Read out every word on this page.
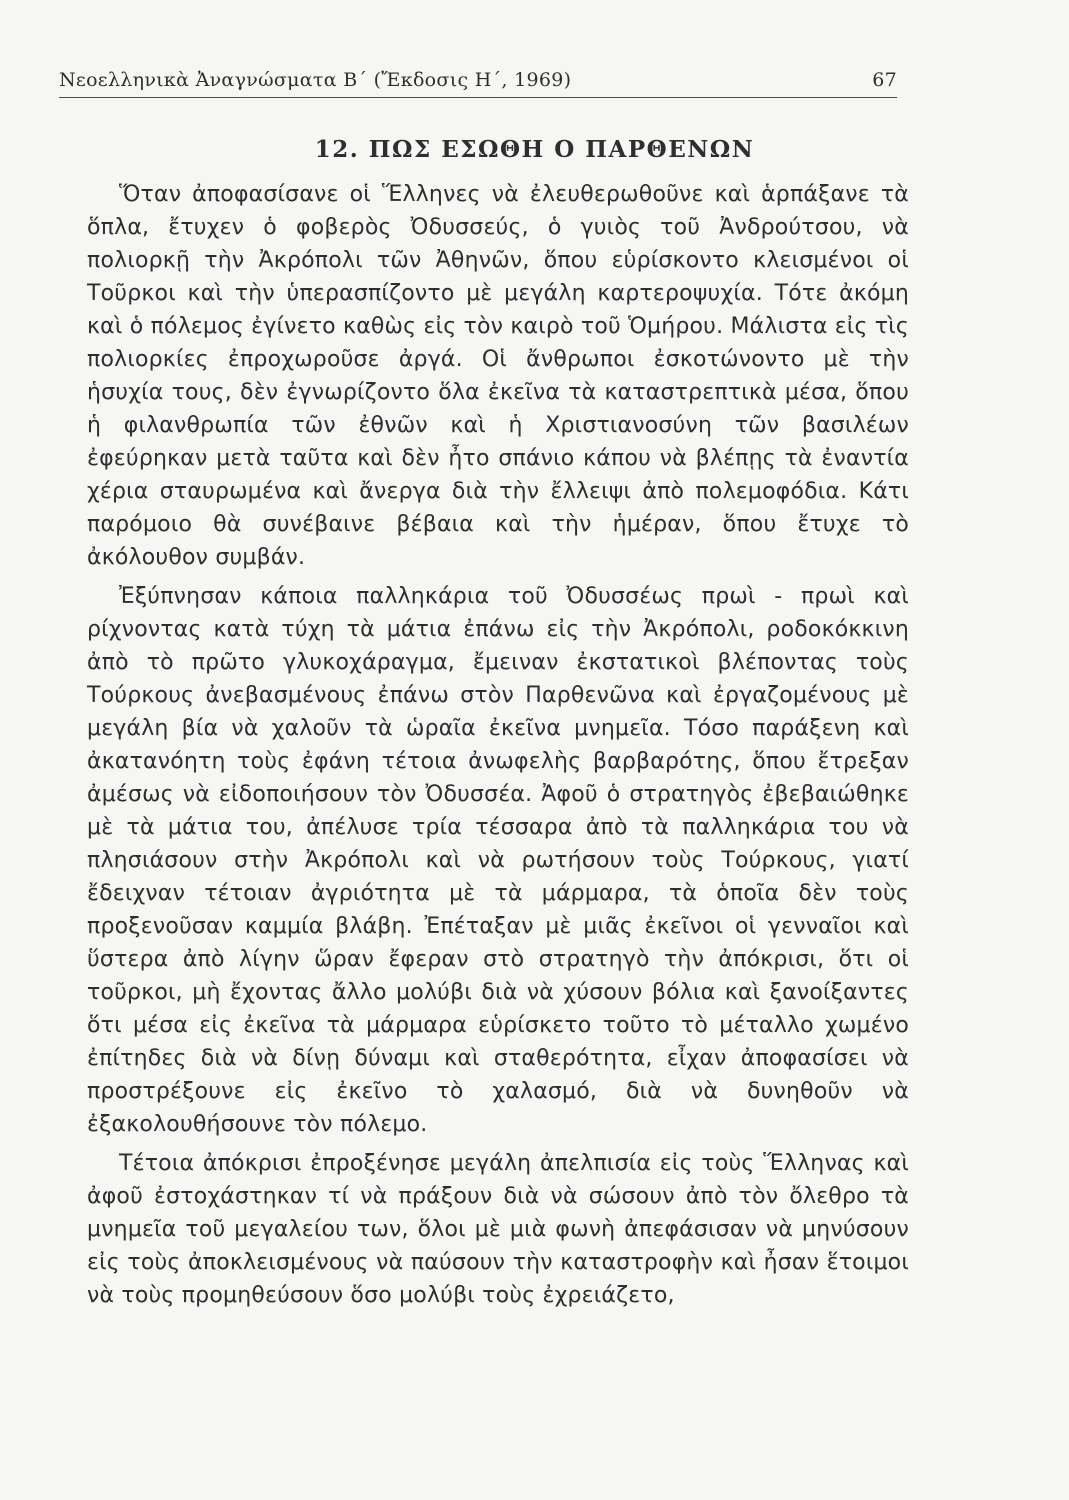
Νεοελληνικὰ Ἀναγνώσματα Β΄ (Ἔκδοσις Η΄, 1969)	67
12. ΠΩΣ ΕΣΩΘΗ Ο ΠΑΡΘΕΝΩΝ

Ὅταν ἀποφασίσανε οἱ Ἕλληνες νὰ ἐλευθερωθοῦνε καὶ ἁρπάξανε τὰ ὅπλα, ἔτυχεν ὁ φοβερὸς Ὀδυσσεύς, ὁ γυιὸς τοῦ Ἀνδρούτσου, νὰ πολιορκῇ τὴν Ἀκρόπολι τῶν Ἀθηνῶν, ὅπου εὑρίσκοντο κλεισμένοι οἱ Τοῦρκοι καὶ τὴν ὑπερασπίζοντο μὲ μεγάλη καρτεροψυχία. Τότε ἀκόμη καὶ ὁ πόλεμος ἐγίνετο καθὼς εἰς τὸν καιρὸ τοῦ Ὁμήρου. Μάλιστα εἰς τὶς πολιορκίες ἐπροχωροῦσε ἀργά. Οἱ ἄνθρωποι ἐσκοτώνοντο μὲ τὴν ἡσυχία τους, δὲν ἐγνωρίζοντο ὅλα ἐκεῖνα τὰ καταστρεπτικὰ μέσα, ὅπου ἡ φιλανθρωπία τῶν ἐθνῶν καὶ ἡ Χριστιανοσύνη τῶν βασιλέων ἐφεύρηκαν μετὰ ταῦτα καὶ δὲν ἦτο σπάνιο κάπου νὰ βλέπῃς τὰ ἐναντία χέρια σταυρωμένα καὶ ἄνεργα διὰ τὴν ἔλλειψι ἀπὸ πολεμοφόδια. Κάτι παρόμοιο θὰ συνέβαινε βέβαια καὶ τὴν ἡμέραν, ὅπου ἔτυχε τὸ ἀκόλουθον συμβάν.

Ἐξύπνησαν κάποια παλληκάρια τοῦ Ὀδυσσέως πρωὶ - πρωὶ καὶ ρίχνοντας κατὰ τύχη τὰ μάτια ἐπάνω εἰς τὴν Ἀκρόπολι, ροδοκόκκινη ἀπὸ τὸ πρῶτο γλυκοχάραγμα, ἔμειναν ἐκστατικοὶ βλέποντας τοὺς Τούρκους ἀνεβασμένους ἐπάνω στὸν Παρθενῶνα καὶ ἐργαζομένους μὲ μεγάλη βία νὰ χαλοῦν τὰ ὡραῖα ἐκεῖνα μνημεῖα. Τόσο παράξενη καὶ ἀκατανόητη τοὺς ἐφάνη τέτοια ἀνωφελὴς βαρβαρότης, ὅπου ἔτρεξαν ἀμέσως νὰ εἰδοποιήσουν τὸν Ὀδυσσέα. Ἀφοῦ ὁ στρατηγὸς ἐβεβαιώθηκε μὲ τὰ μάτια του, ἀπέλυσε τρία τέσσαρα ἀπὸ τὰ παλληκάρια του νὰ πλησιάσουν στὴν Ἀκρόπολι καὶ νὰ ρωτήσουν τοὺς Τούρκους, γιατί ἔδειχναν τέτοιαν ἀγριότητα μὲ τὰ μάρμαρα, τὰ ὁποῖα δὲν τοὺς προξενοῦσαν καμμία βλάβη. Ἐπέταξαν μὲ μιᾶς ἐκεῖνοι οἱ γενναῖοι καὶ ὕστερα ἀπὸ λίγην ὥραν ἔφεραν στὸ στρατηγὸ τὴν ἀπόκρισι, ὅτι οἱ τοῦρκοι, μὴ ἔχοντας ἄλλο μολύβι διὰ νὰ χύσουν βόλια καὶ ξανοίξαντες ὅτι μέσα εἰς ἐκεῖνα τὰ μάρμαρα εὑρίσκετο τοῦτο τὸ μέταλλο χωμένο ἐπίτηδες διὰ νὰ δίνῃ δύναμι καὶ σταθερότητα, εἶχαν ἀποφασίσει νὰ προστρέξουνε εἰς ἐκεῖνο τὸ χαλασμό, διὰ νὰ δυνηθοῦν νὰ ἐξακολουθήσουνε τὸν πόλεμο.

Τέτοια ἀπόκρισι ἐπροξένησε μεγάλη ἀπελπισία εἰς τοὺς Ἕλληνας καὶ ἀφοῦ ἐστοχάστηκαν τί νὰ πράξουν διὰ νὰ σώσουν ἀπὸ τὸν ὄλεθρο τὰ μνημεῖα τοῦ μεγαλείου των, ὅλοι μὲ μιὰ φωνὴ ἀπεφάσισαν νὰ μηνύσουν εἰς τοὺς ἀποκλεισμένους νὰ παύσουν τὴν καταστροφὴν καὶ ἦσαν ἕτοιμοι νὰ τοὺς προμηθεύσουν ὅσο μολύβι τοὺς ἐχρειάζετο,
